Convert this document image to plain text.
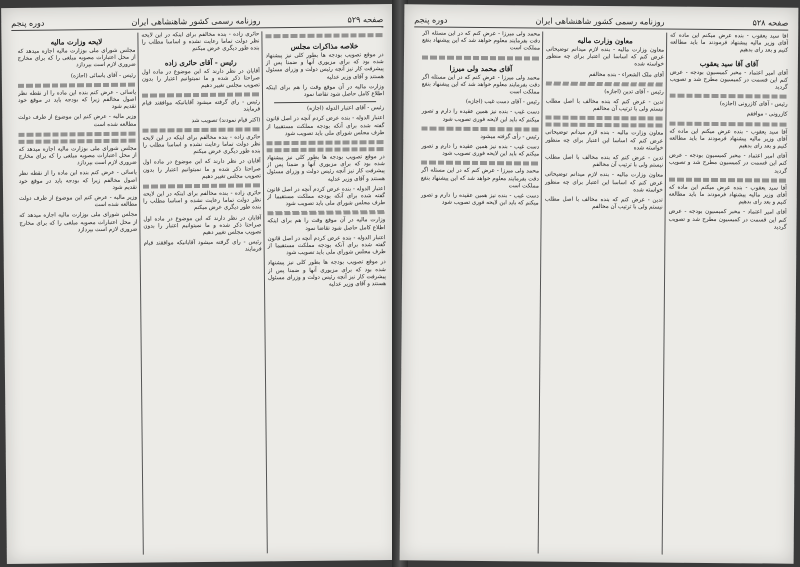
صفحه ۵۲۹
روزنامه رسمی کشور شاهنشاهی ایران
دوره پنجم
خلاصه مذاکرات مجلس
در موقع تصویب بودجه ها بطور کلی نیز پیشنهاد شده بود که برای مزبوری آنها و ضمنا پس از پیشرفت کار نیز آنچه رئیس دولت و وزرای مسئول هستند و آقای وزیر عدلیه
وزارت مالیه در آن موقع وقت را هم برای اینکه اطلاع کامل حاصل شود تقاضا نمود
رئیس - آقای اعتبار الدوله (اجازه)
اعتبار الدوله - بنده عرض کردم آنچه در اصل قانون گفته شده برای آنکه بودجه مملکت مستقیما از طرف مجلس شورای ملی باید تصویب شود
در موقع تصویب بودجه ها بطور کلی نیز پیشنهاد شده بود که برای مزبوری آنها و ضمنا پس از پیشرفت کار نیز آنچه رئیس دولت و وزرای مسئول هستند و آقای وزیر عدلیه
اعتبار الدوله - بنده عرض کردم آنچه در اصل قانون گفته شده برای آنکه بودجه مملکت مستقیما از طرف مجلس شورای ملی باید تصویب شود
وزارت مالیه در آن موقع وقت را هم برای اینکه اطلاع کامل حاصل شود تقاضا نمود
اعتبار الدوله - بنده عرض کردم آنچه در اصل قانون گفته شده برای آنکه بودجه مملکت مستقیما از طرف مجلس شورای ملی باید تصویب شود
در موقع تصویب بودجه ها بطور کلی نیز پیشنهاد شده بود که برای مزبوری آنها و ضمنا پس از پیشرفت کار نیز آنچه رئیس دولت و وزرای مسئول هستند و آقای وزیر عدلیه
حائری زاده - بنده مخالفم برای اینکه در این لایحه نظر دولت تماما رعایت نشده و اساسا مطلب را بنده طور دیگری عرض میکنم
رئیس - آقای حائری زاده
آقایان در نظر دارند که این موضوع در ماده اول صراحتا ذکر شده و ما نمیتوانیم اعتبار را بدون تصویب مجلس تغییر دهیم
رئیس - رای گرفته میشود آقایانیکه موافقند قیام فرمایند
(اکثر قیام نمودند) تصویب شد
حائری زاده - بنده مخالفم برای اینکه در این لایحه نظر دولت تماما رعایت نشده و اساسا مطلب را بنده طور دیگری عرض میکنم
آقایان در نظر دارند که این موضوع در ماده اول صراحتا ذکر شده و ما نمیتوانیم اعتبار را بدون تصویب مجلس تغییر دهیم
حائری زاده - بنده مخالفم برای اینکه در این لایحه نظر دولت تماما رعایت نشده و اساسا مطلب را بنده طور دیگری عرض میکنم
آقایان در نظر دارند که این موضوع در ماده اول صراحتا ذکر شده و ما نمیتوانیم اعتبار را بدون تصویب مجلس تغییر دهیم
رئیس - رای گرفته میشود آقایانیکه موافقند قیام فرمایند
لایحه وزارت مالیه
مجلس شورای ملی بوزارت مالیه اجازه میدهد که از محل اعتبارات مصوبه مبلغی را که برای مخارج ضروری لازم است بپردازد
رئیس - آقای یاسائی (اجازه)
یاسائی - عرض کنم بنده این ماده را از نقطه نظر اصول مخالفم زیرا که بودجه باید در موقع خود تقدیم شود
وزیر مالیه - عرض کنم این موضوع از طرف دولت مطالعه شده است
مجلس شورای ملی بوزارت مالیه اجازه میدهد که از محل اعتبارات مصوبه مبلغی را که برای مخارج ضروری لازم است بپردازد
یاسائی - عرض کنم بنده این ماده را از نقطه نظر اصول مخالفم زیرا که بودجه باید در موقع خود تقدیم شود
وزیر مالیه - عرض کنم این موضوع از طرف دولت مطالعه شده است
مجلس شورای ملی بوزارت مالیه اجازه میدهد که از محل اعتبارات مصوبه مبلغی را که برای مخارج ضروری لازم است بپردازد
صفحه ۵۲۸
روزنامه رسمی کشور شاهنشاهی ایران
دوره پنجم
آقا سید یعقوب - بنده عرض میکنم این ماده که آقای وزیر مالیه پیشنهاد فرمودند ما باید مطالعه کنیم و بعد رای بدهیم
آقای آقا سید یعقوب
آقای امیر اعتماد - مخبر کمیسیون بودجه - عرض کنم این قسمت در کمیسیون مطرح شد و تصویب گردید
رئیس - آقای کازرونی (اجازه)
کازرونی - موافقم
آقا سید یعقوب - بنده عرض میکنم این ماده که آقای وزیر مالیه پیشنهاد فرمودند ما باید مطالعه کنیم و بعد رای بدهیم
آقای امیر اعتماد - مخبر کمیسیون بودجه - عرض کنم این قسمت در کمیسیون مطرح شد و تصویب گردید
آقا سید یعقوب - بنده عرض میکنم این ماده که آقای وزیر مالیه پیشنهاد فرمودند ما باید مطالعه کنیم و بعد رای بدهیم
آقای امیر اعتماد - مخبر کمیسیون بودجه - عرض کنم این قسمت در کمیسیون مطرح شد و تصویب گردید
معاون وزارت مالیه
معاون وزارت مالیه - بنده لازم میدانم توضیحاتی عرض کنم که اساسا این اعتبار برای چه منظور خواسته شده
آقای ملک الشعراء - بنده مخالفم
رئیس - آقای تدین (اجازه)
تدین - عرض کنم که بنده مخالف با اصل مطلب نیستم ولی با ترتیب آن مخالفم
معاون وزارت مالیه - بنده لازم میدانم توضیحاتی عرض کنم که اساسا این اعتبار برای چه منظور خواسته شده
تدین - عرض کنم که بنده مخالف با اصل مطلب نیستم ولی با ترتیب آن مخالفم
معاون وزارت مالیه - بنده لازم میدانم توضیحاتی عرض کنم که اساسا این اعتبار برای چه منظور خواسته شده
تدین - عرض کنم که بنده مخالف با اصل مطلب نیستم ولی با ترتیب آن مخالفم
محمد ولی میرزا - عرض کنم که در این مسئله اگر دقت بفرمایند معلوم خواهد شد که این پیشنهاد بنفع مملکت است
آقای محمد ولی میرزا
محمد ولی میرزا - عرض کنم که در این مسئله اگر دقت بفرمایند معلوم خواهد شد که این پیشنهاد بنفع مملکت است
رئیس - آقای دست غیب (اجازه)
دست غیب - بنده نیز همین عقیده را دارم و تصور میکنم که باید این لایحه فوری تصویب شود
رئیس - رأی گرفته میشود
دست غیب - بنده نیز همین عقیده را دارم و تصور میکنم که باید این لایحه فوری تصویب شود
محمد ولی میرزا - عرض کنم که در این مسئله اگر دقت بفرمایند معلوم خواهد شد که این پیشنهاد بنفع مملکت است
دست غیب - بنده نیز همین عقیده را دارم و تصور میکنم که باید این لایحه فوری تصویب شود
